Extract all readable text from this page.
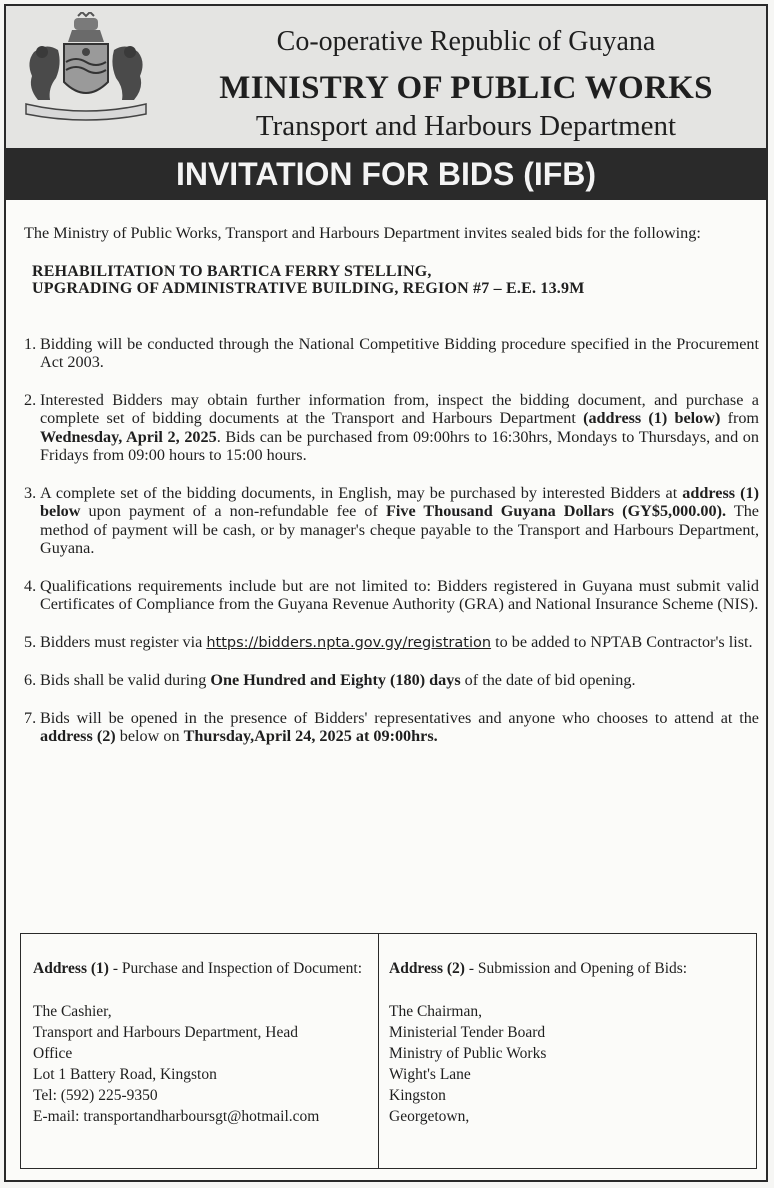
Co-operative Republic of Guyana
MINISTRY OF PUBLIC WORKS
Transport and Harbours Department
INVITATION FOR BIDS (IFB)

The Ministry of Public Works, Transport and Harbours Department invites sealed bids for the following:

REHABILITATION TO BARTICA FERRY STELLING,
UPGRADING OF ADMINISTRATIVE BUILDING, REGION #7 – E.E. 13.9M
1. Bidding will be conducted through the National Competitive Bidding procedure specified in the Procurement Act 2003.
2. Interested Bidders may obtain further information from, inspect the bidding document, and purchase a complete set of bidding documents at the Transport and Harbours Department (address (1) below) from Wednesday, April 2, 2025. Bids can be purchased from 09:00hrs to 16:30hrs, Mondays to Thursdays, and on Fridays from 09:00 hours to 15:00 hours.
3. A complete set of the bidding documents, in English, may be purchased by interested Bidders at address (1) below upon payment of a non-refundable fee of Five Thousand Guyana Dollars (GY$5,000.00). The method of payment will be cash, or by manager's cheque payable to the Transport and Harbours Department, Guyana.
4. Qualifications requirements include but are not limited to: Bidders registered in Guyana must submit valid Certificates of Compliance from the Guyana Revenue Authority (GRA) and National Insurance Scheme (NIS).
5. Bidders must register via https://bidders.npta.gov.gy/registration to be added to NPTAB Contractor's list.
6. Bids shall be valid during One Hundred and Eighty (180) days of the date of bid opening.
7. Bids will be opened in the presence of Bidders' representatives and anyone who chooses to attend at the address (2) below on Thursday,April 24, 2025 at 09:00hrs.
Address (1) - Purchase and Inspection of Document:
The Cashier,
Transport and Harbours Department, Head
Office
Lot 1 Battery Road, Kingston
Tel: (592) 225-9350
E-mail: transportandharboursgt@hotmail.com
Address (2) - Submission and Opening of Bids:
The Chairman,
Ministerial Tender Board
Ministry of Public Works
Wight's Lane
Kingston
Georgetown,
